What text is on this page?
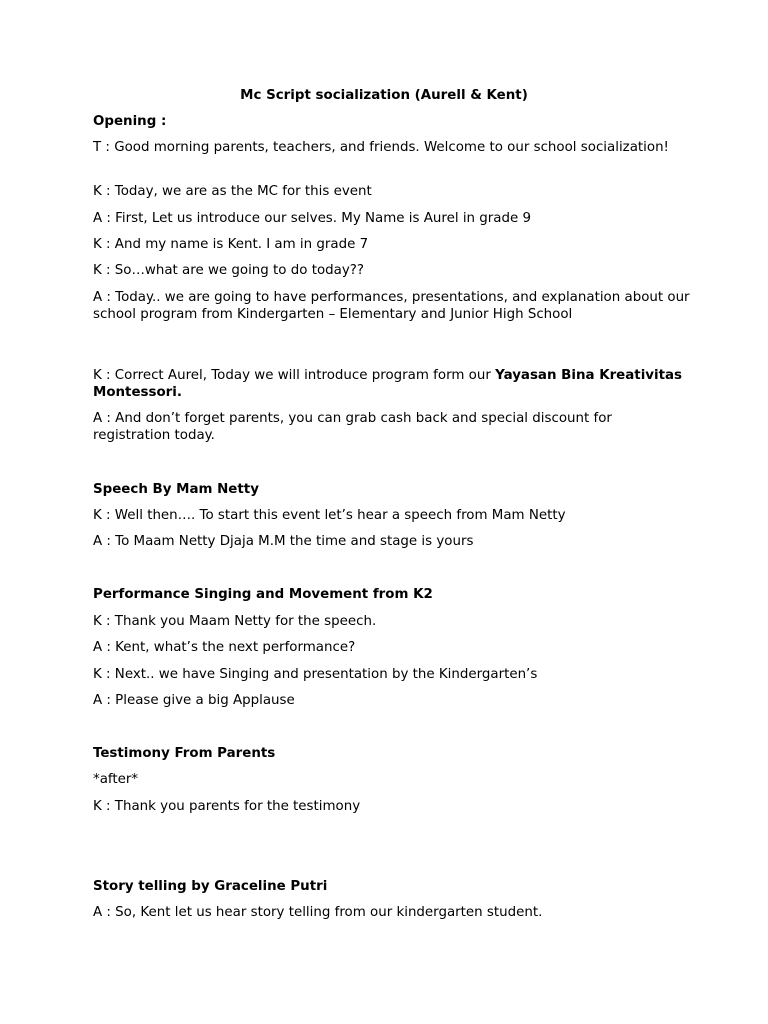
Mc Script socialization (Aurell & Kent)

Opening :

T : Good morning parents, teachers, and friends. Welcome to our school socialization!

K : Today, we are as the MC for this event

A : First, Let us introduce our selves. My Name is Aurel in grade 9

K : And my name is Kent. I am in grade 7

K : So…what are we going to do today??

A : Today.. we are going to have performances, presentations, and explanation about our school program from Kindergarten – Elementary and Junior High School

K : Correct Aurel, Today we will introduce program form our Yayasan Bina Kreativitas Montessori.

A : And don’t forget parents, you can grab cash back and special discount for registration today.

Speech By Mam Netty

K : Well then…. To start this event let’s hear a speech from Mam Netty

A : To Maam Netty Djaja M.M the time and stage is yours

Performance Singing and Movement from K2

K : Thank you Maam Netty for the speech.

A : Kent, what’s the next performance?

K : Next.. we have Singing and presentation by the Kindergarten’s

A : Please give a big Applause

Testimony From Parents

*after*

K : Thank you parents for the testimony

Story telling by Graceline Putri

A : So, Kent let us hear story telling from our kindergarten student.
